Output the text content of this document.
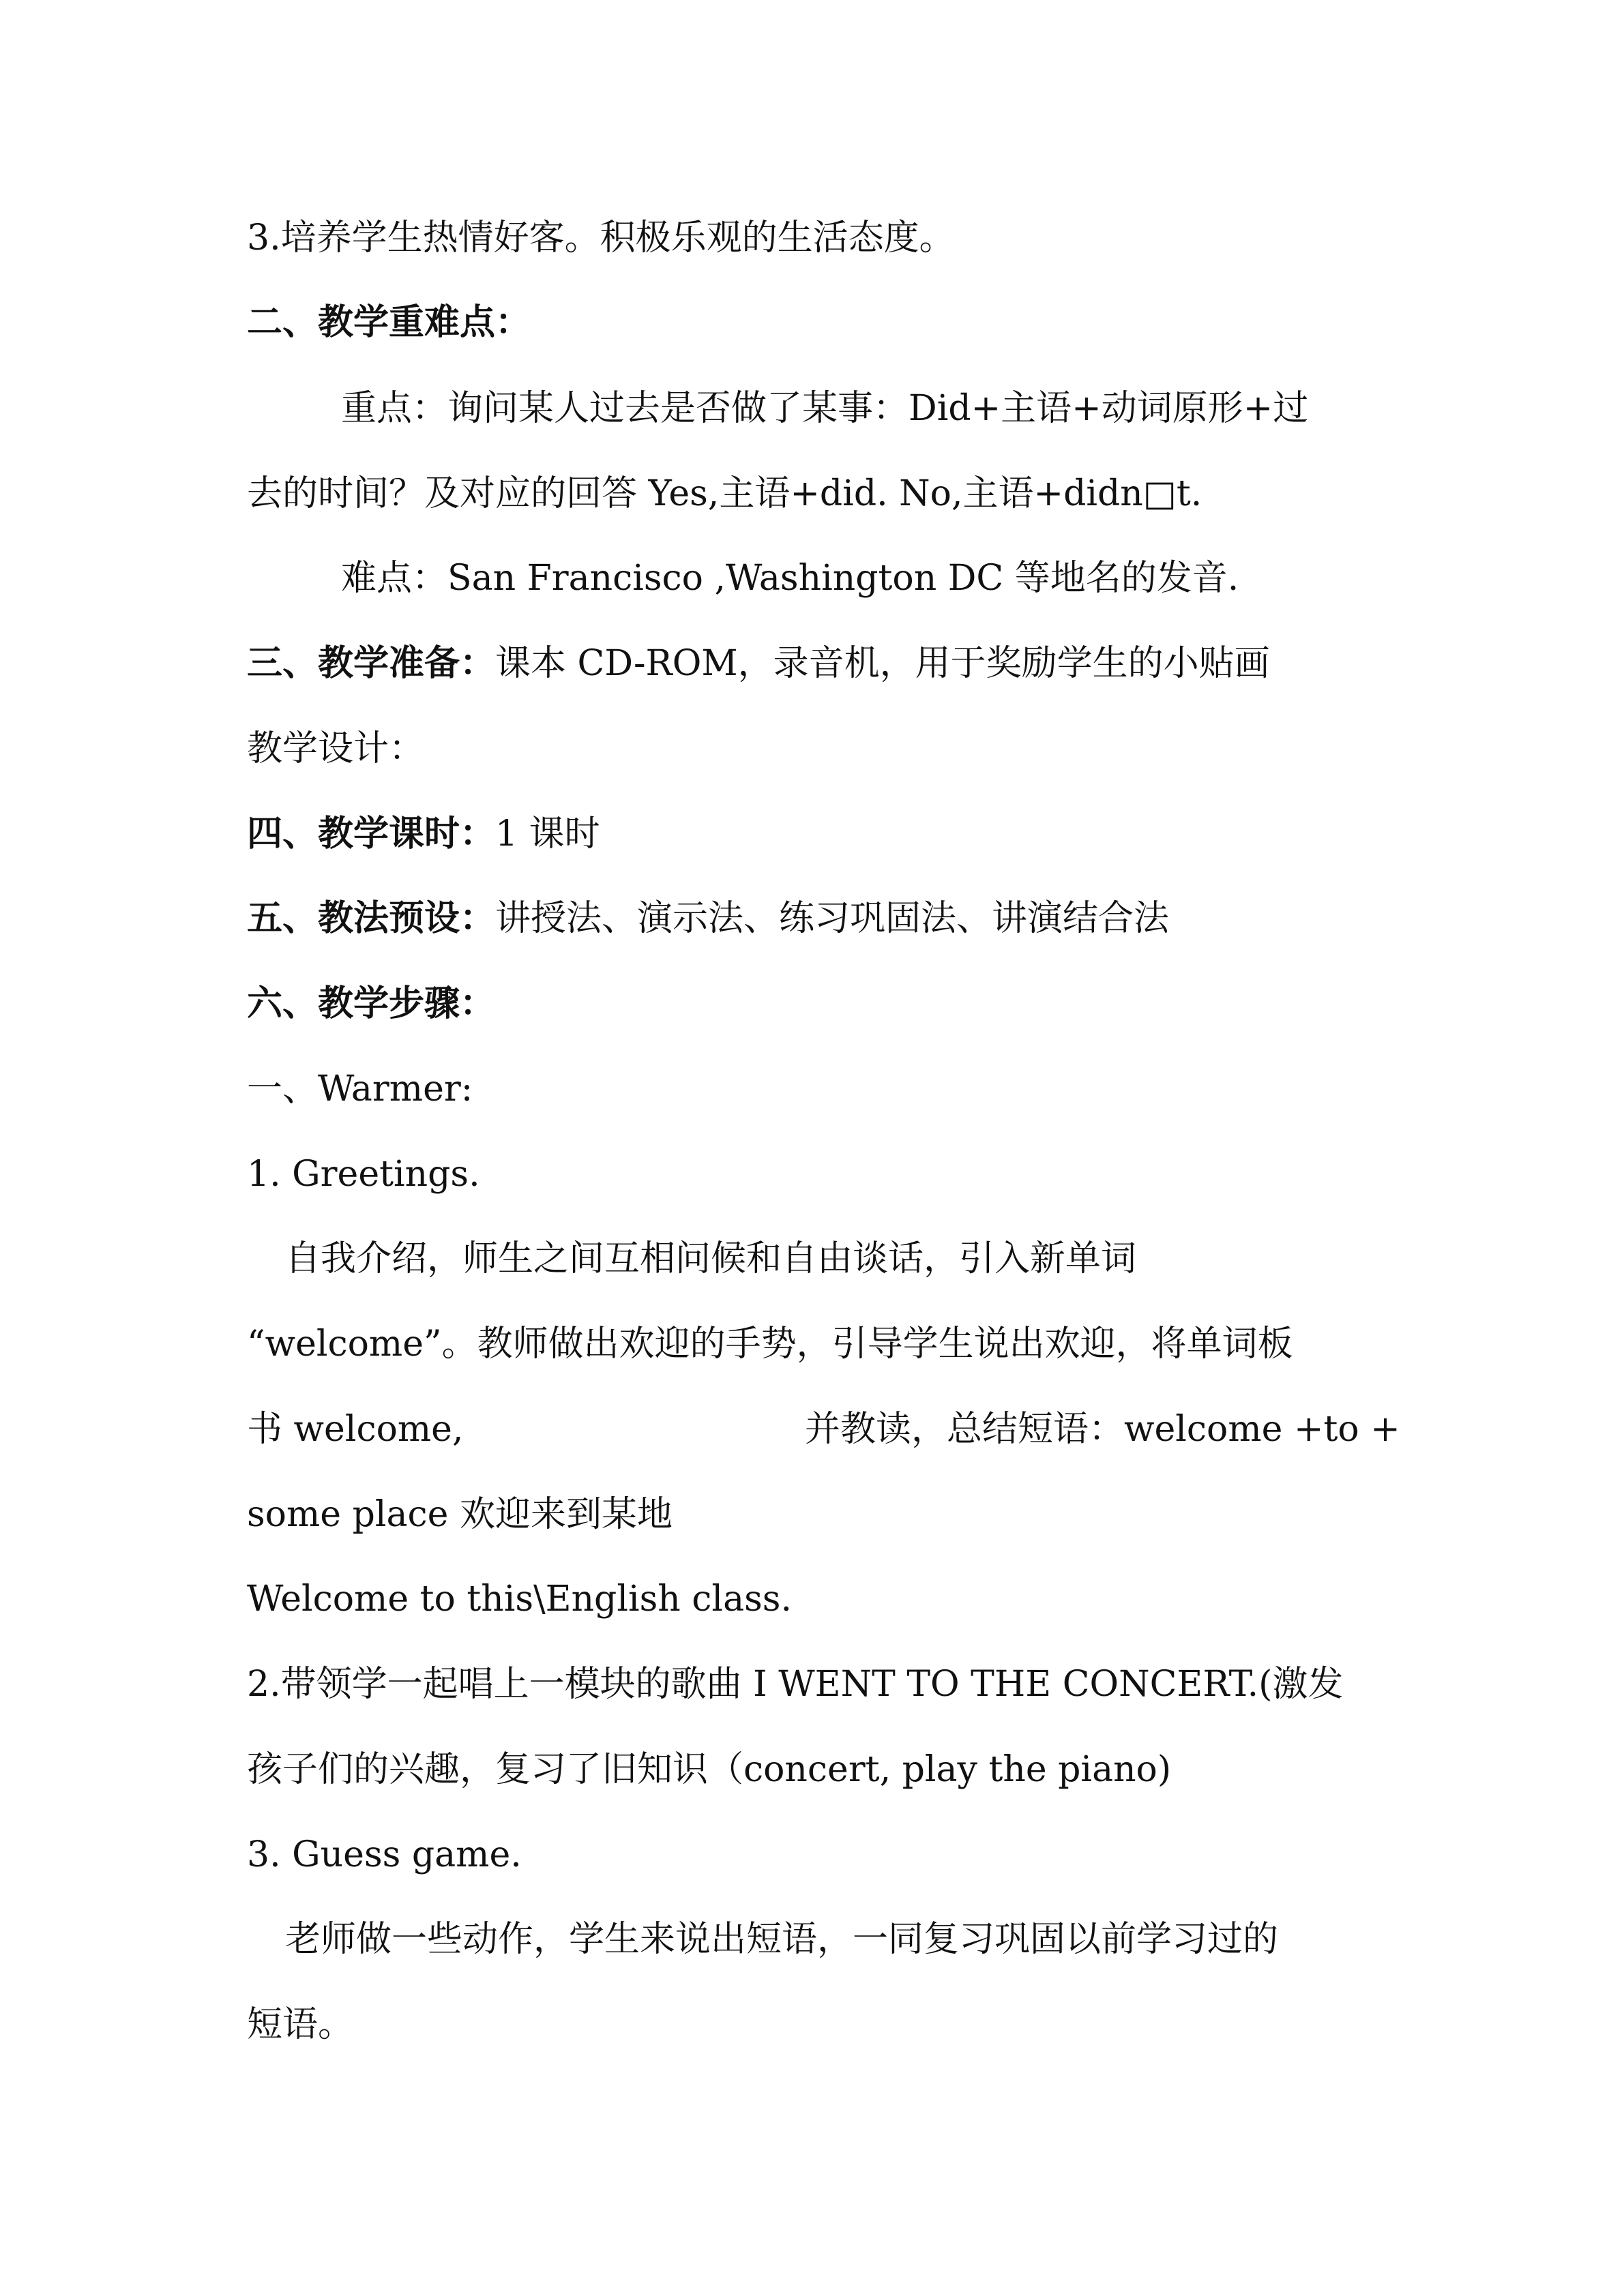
3.培养学生热情好客。积极乐观的生活态度。
二、教学重难点：
重点：询问某人过去是否做了某事：Did+主语+动词原形+过
去的时间？及对应的回答 Yes,主语+did. No,主语+didn□t.
难点：San Francisco ,Washington DC 等地名的发音.
三、教学准备：课本 CD-ROM，录音机，用于奖励学生的小贴画
教学设计：
四、教学课时：1 课时
五、教法预设：讲授法、演示法、练习巩固法、讲演结合法
六、教学步骤：
一、Warmer:
1. Greetings.
自我介绍，师生之间互相问候和自由谈话，引入新单词
“welcome”。教师做出欢迎的手势，引导学生说出欢迎，将单词板
书 welcome,	并教读，总结短语：welcome +to +
some place 欢迎来到某地
Welcome to this\English class.
2.带领学一起唱上一模块的歌曲 I WENT TO THE CONCERT.(激发
孩子们的兴趣，复习了旧知识（concert, play the piano)
3. Guess game.
老师做一些动作，学生来说出短语，一同复习巩固以前学习过的
短语。
